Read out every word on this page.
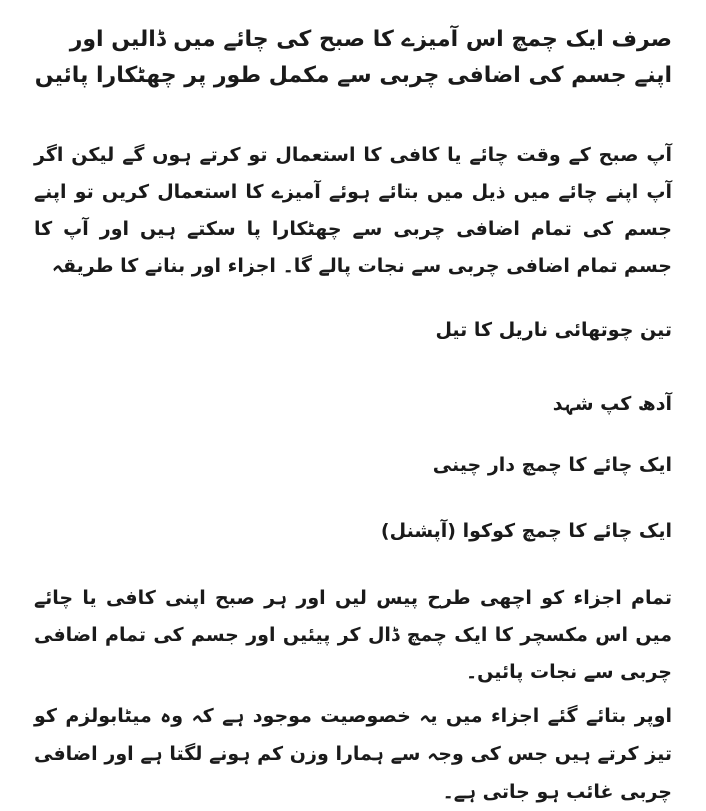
صرف ایک چمچ اس آمیزے کا صبح کی چائے میں ڈالیں اور اپنے جسم کی اضافی چربی سے مکمل طور پر چھٹکارا پائیں

آپ صبح کے وقت چائے یا کافی کا استعمال تو کرتے ہوں گے لیکن اگر آپ اپنے چائے میں ذیل میں بتائے ہوئے آمیزے کا استعمال کریں تو اپنے جسم کی تمام اضافی چربی سے چھٹکارا پا سکتے ہیں اور آپ کا جسم تمام اضافی چربی سے نجات پالے گا۔ اجزاء اور بنانے کا طریقہ

تین چوتھائی ناریل کا تیل

آدھ کپ شہد

ایک چائے کا چمچ دار چینی

ایک چائے کا چمچ کوکوا (آپشنل)

تمام اجزاء کو اچھی طرح پیس لیں اور ہر صبح اپنی کافی یا چائے میں اس مکسچر کا ایک چمچ ڈال کر پیئیں اور جسم کی تمام اضافی چربی سے نجات پائیں۔

اوپر بتائے گئے اجزاء میں یہ خصوصیت موجود ہے کہ وہ میٹابولزم کو تیز کرتے ہیں جس کی وجہ سے ہمارا وزن کم ہونے لگتا ہے اور اضافی چربی غائب ہو جاتی ہے۔
